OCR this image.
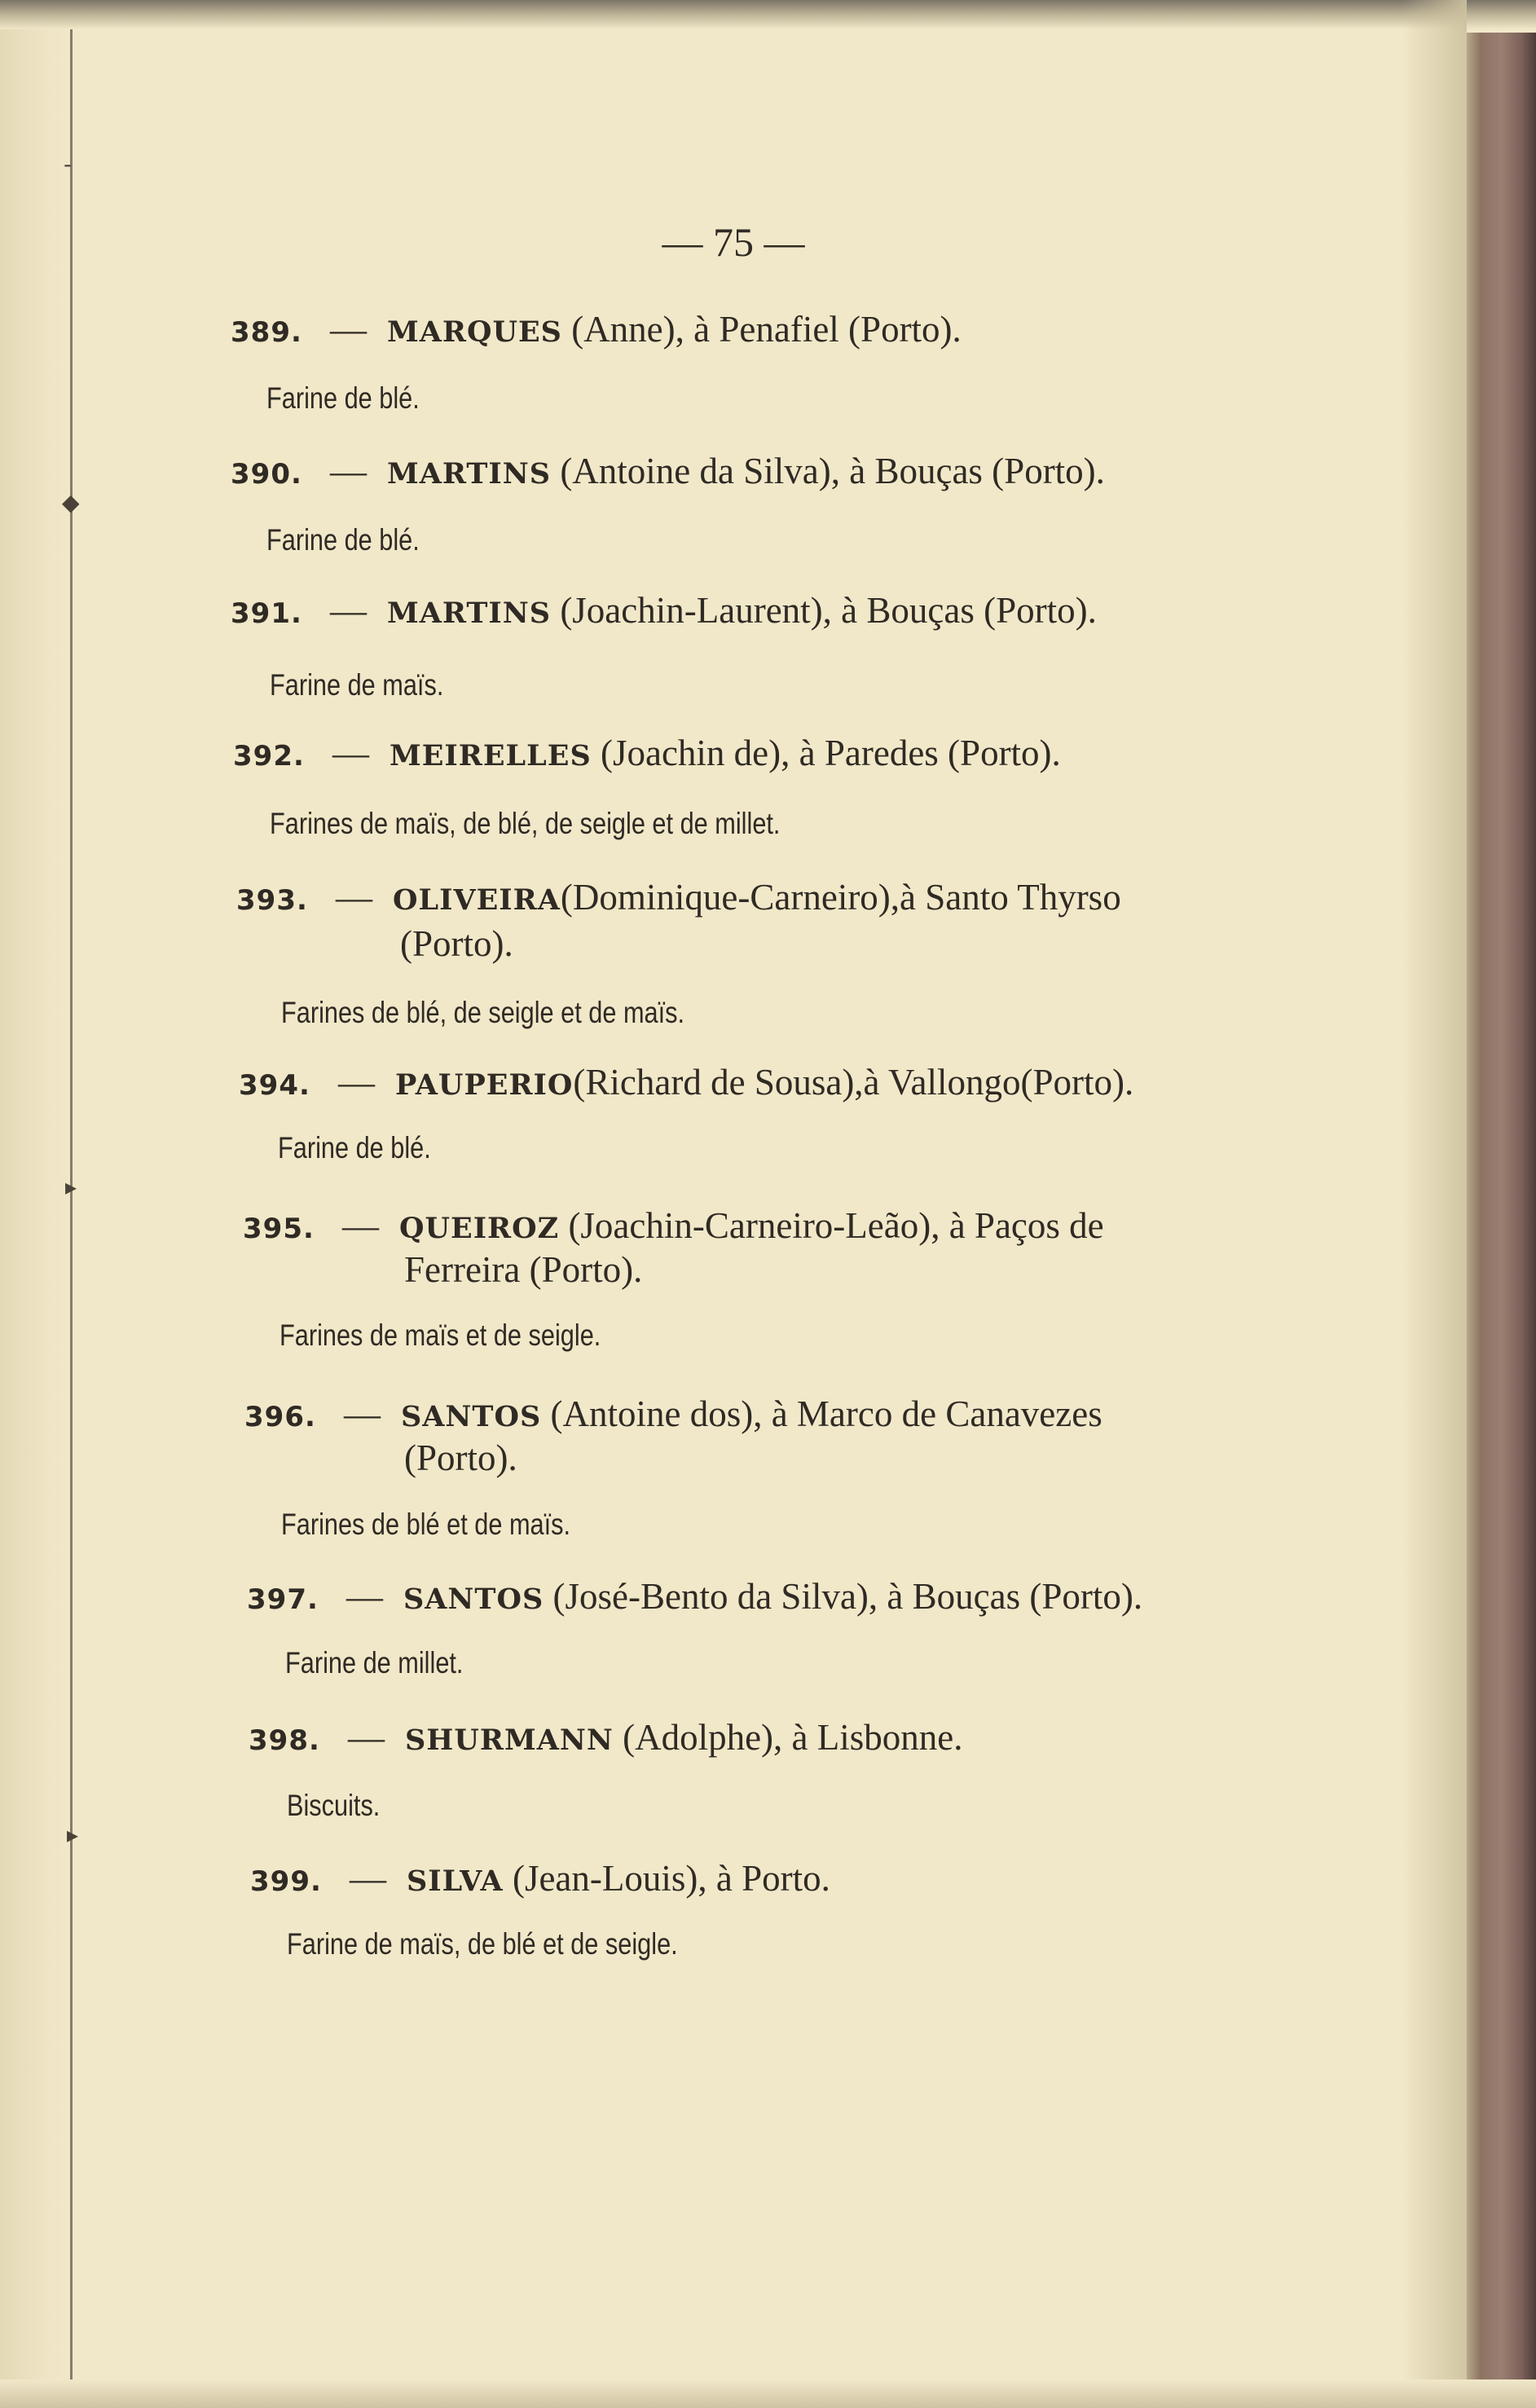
-
◆
▸
▸
— 75 —
389. — MARQUES (Anne), à Penafiel (Porto).
Farine de blé.
390. — MARTINS (Antoine da Silva), à Bouças (Porto).
Farine de blé.
391. — MARTINS (Joachin-Laurent), à Bouças (Porto).
Farine de maïs.
392. — MEIRELLES (Joachin de), à Paredes (Porto).
Farines de maïs, de blé, de seigle et de millet.
393. — OLIVEIRA(Dominique-Carneiro),à Santo Thyrso
(Porto).
Farines de blé, de seigle et de maïs.
394. — PAUPERIO(Richard de Sousa),à Vallongo(Porto).
Farine de blé.
395. — QUEIROZ (Joachin-Carneiro-Leão), à Paços de
Ferreira (Porto).
Farines de maïs et de seigle.
396. — SANTOS (Antoine dos), à Marco de Canavezes
(Porto).
Farines de blé et de maïs.
397. — SANTOS (José-Bento da Silva), à Bouças (Porto).
Farine de millet.
398. — SHURMANN (Adolphe), à Lisbonne.
Biscuits.
399. — SILVA (Jean-Louis), à Porto.
Farine de maïs, de blé et de seigle.
